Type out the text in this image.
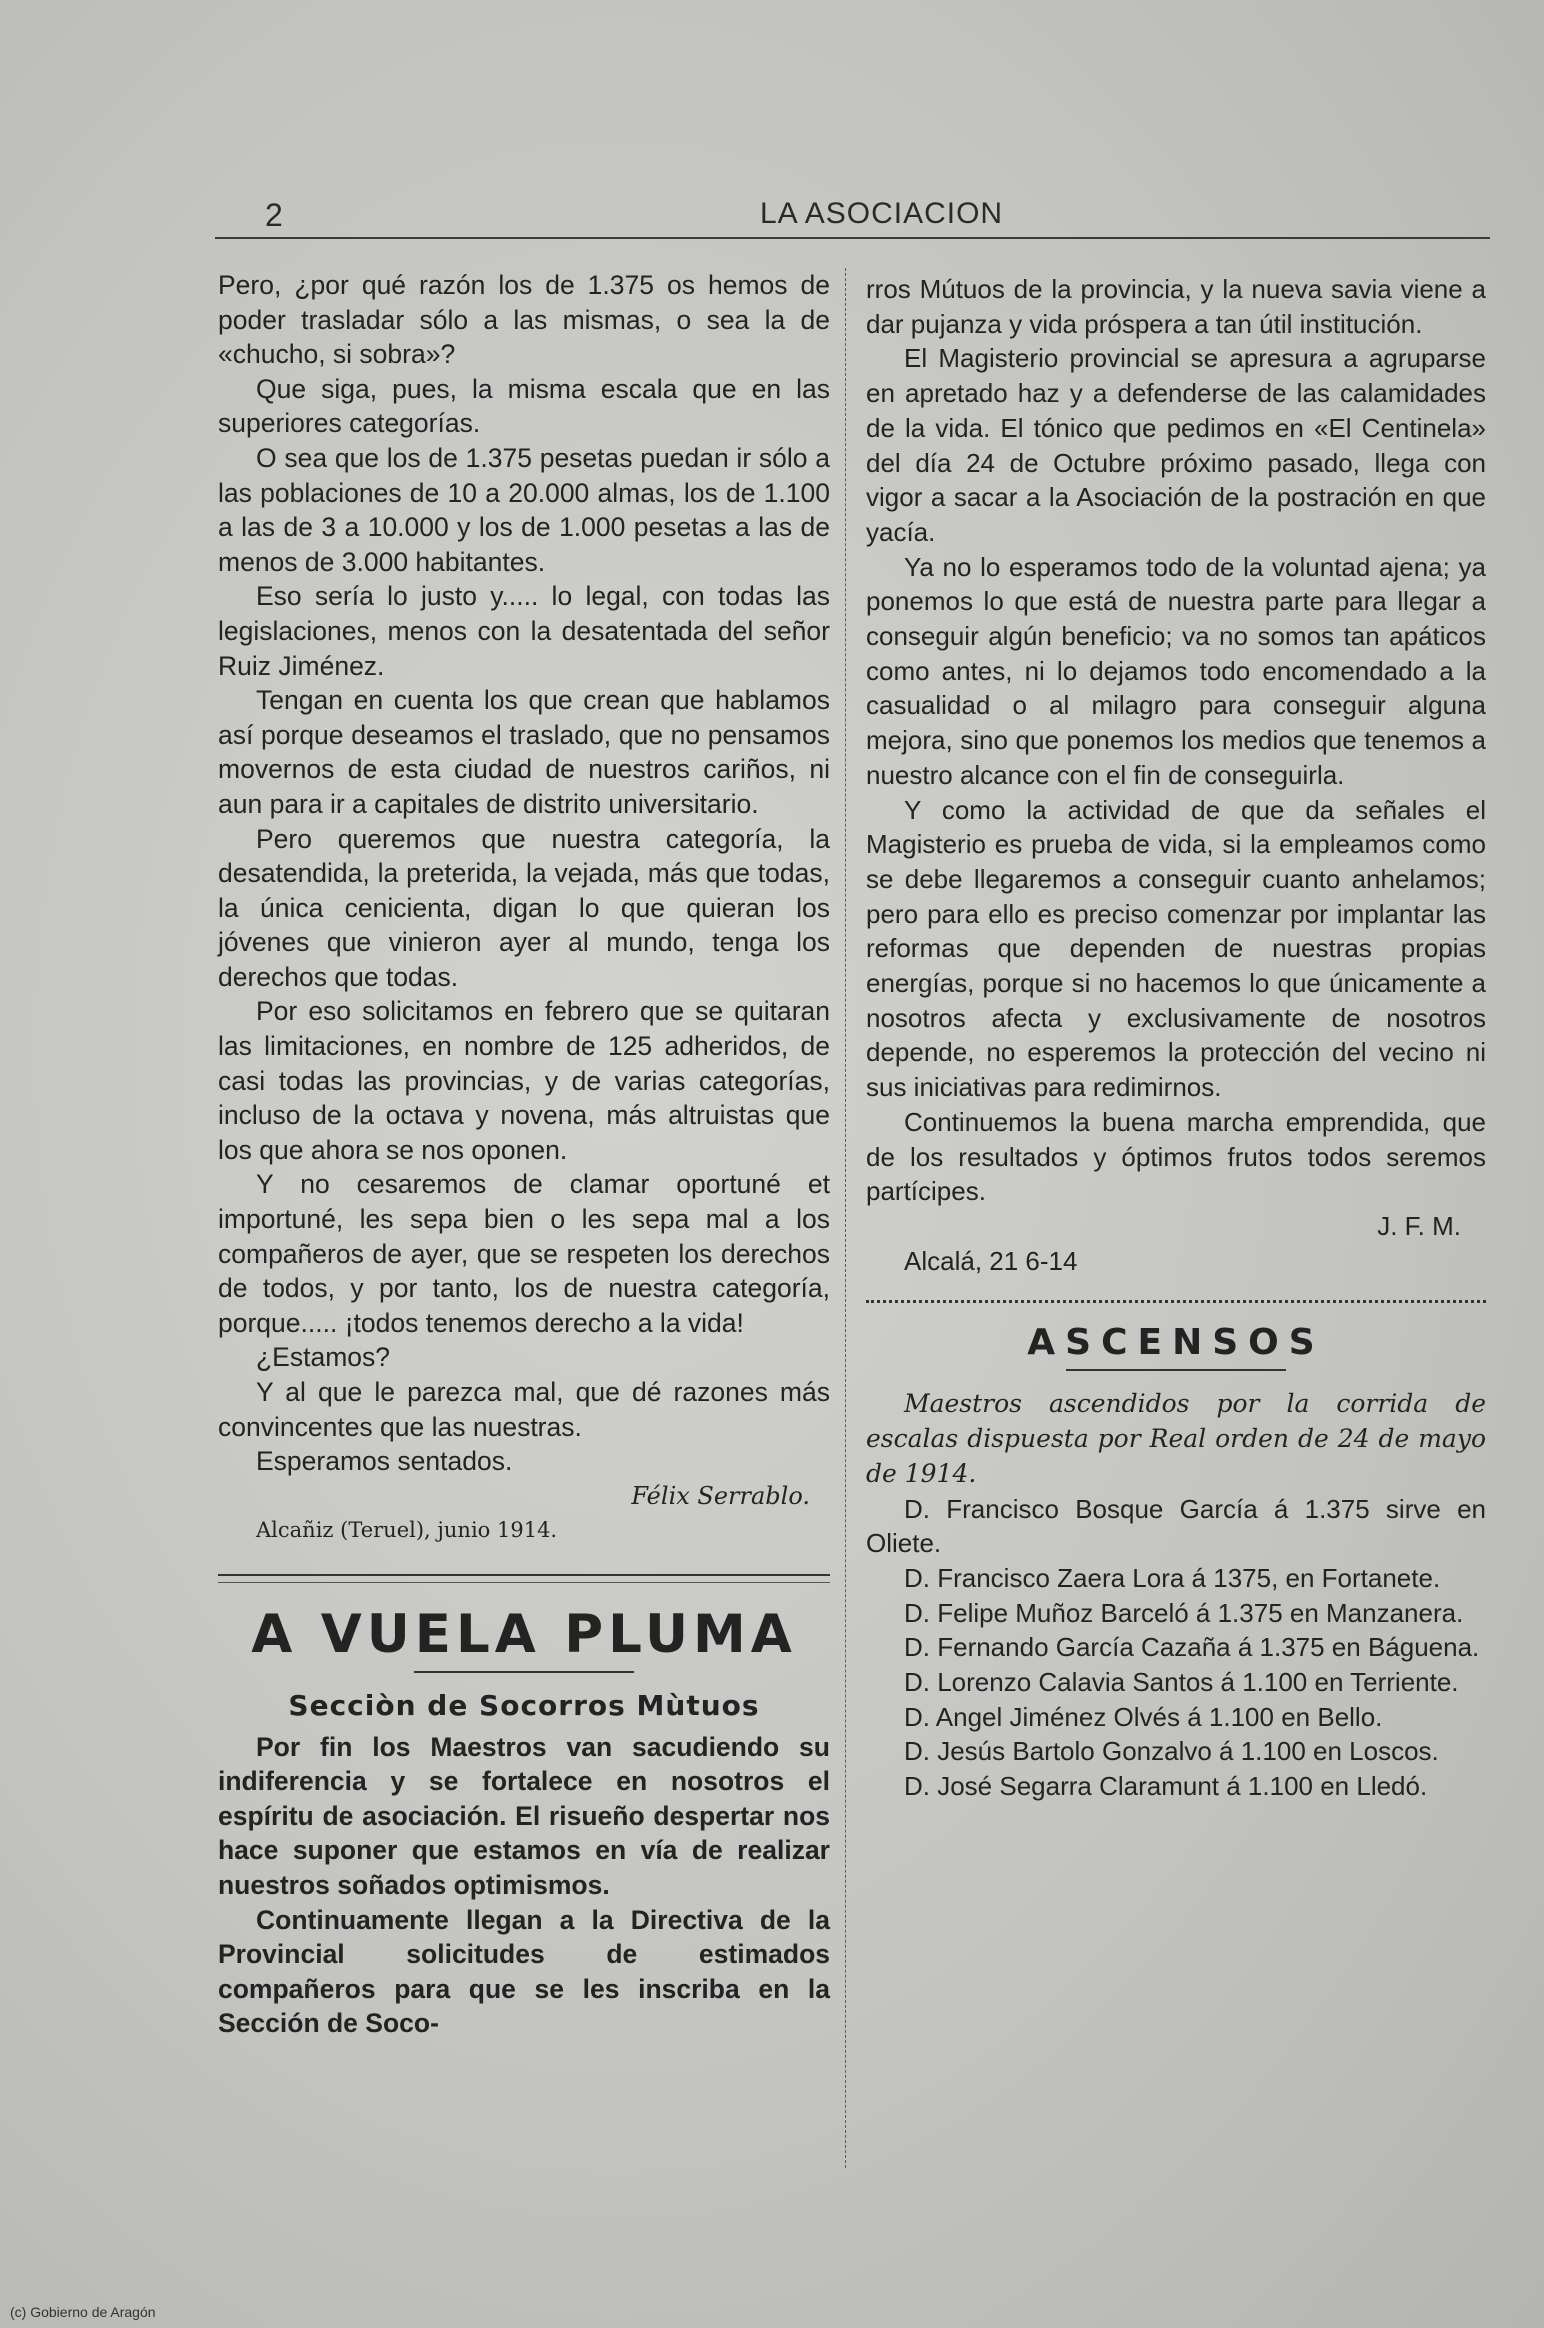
2	LA ASOCIACION

Pero, ¿por qué razón los de 1.375 os hemos de poder trasladar sólo a las mismas, o sea la de «chucho, si sobra»?

Que siga, pues, la misma escala que en las superiores categorías.

O sea que los de 1.375 pesetas puedan ir sólo a las poblaciones de 10 a 20.000 almas, los de 1.100 a las de 3 a 10.000 y los de 1.000 pesetas a las de menos de 3.000 habitantes.

Eso sería lo justo y..... lo legal, con todas las legislaciones, menos con la desatentada del señor Ruiz Jiménez.

Tengan en cuenta los que crean que hablamos así porque deseamos el traslado, que no pensamos movernos de esta ciudad de nuestros cariños, ni aun para ir a capitales de distrito universitario.

Pero queremos que nuestra categoría, la desatendida, la preterida, la vejada, más que todas, la única cenicienta, digan lo que quieran los jóvenes que vinieron ayer al mundo, tenga los derechos que todas.

Por eso solicitamos en febrero que se quitaran las limitaciones, en nombre de 125 adheridos, de casi todas las provincias, y de varias categorías, incluso de la octava y novena, más altruistas que los que ahora se nos oponen.

Y no cesaremos de clamar oportuné et importuné, les sepa bien o les sepa mal a los compañeros de ayer, que se respeten los derechos de todos, y por tanto, los de nuestra categoría, porque..... ¡todos tenemos derecho a la vida!

¿Estamos?

Y al que le parezca mal, que dé razones más convincentes que las nuestras.

Esperamos sentados.

Félix Serrablo.

Alcañiz (Teruel), junio 1914.

A VUELA PLUMA
Secciòn de Socorros Mùtuos

Por fin los Maestros van sacudiendo su indiferencia y se fortalece en nosotros el espíritu de asociación. El risueño despertar nos hace suponer que estamos en vía de realizar nuestros soñados optimismos.

Continuamente llegan a la Directiva de la Provincial solicitudes de estimados compañeros para que se les inscriba en la Sección de Soco-

rros Mútuos de la provincia, y la nueva savia viene a dar pujanza y vida próspera a tan útil institución.

El Magisterio provincial se apresura a agruparse en apretado haz y a defenderse de las calamidades de la vida. El tónico que pedimos en «El Centinela» del día 24 de Octubre próximo pasado, llega con vigor a sacar a la Asociación de la postración en que yacía.

Ya no lo esperamos todo de la voluntad ajena; ya ponemos lo que está de nuestra parte para llegar a conseguir algún beneficio; va no somos tan apáticos como antes, ni lo dejamos todo encomendado a la casualidad o al milagro para conseguir alguna mejora, sino que ponemos los medios que tenemos a nuestro alcance con el fin de conseguirla.

Y como la actividad de que da señales el Magisterio es prueba de vida, si la empleamos como se debe llegaremos a conseguir cuanto anhelamos; pero para ello es preciso comenzar por implantar las reformas que dependen de nuestras propias energías, porque si no hacemos lo que únicamente a nosotros afecta y exclusivamente de nosotros depende, no esperemos la protección del vecino ni sus iniciativas para redimirnos.

Continuemos la buena marcha emprendida, que de los resultados y óptimos frutos todos seremos partícipes.

J. F. M.

Alcalá, 21 6-14

ASCENSOS

Maestros ascendidos por la corrida de escalas dispuesta por Real orden de 24 de mayo de 1914.

D. Francisco Bosque García á 1.375 sirve en Oliete.

D. Francisco Zaera Lora á 1375, en Fortanete.

D. Felipe Muñoz Barceló á 1.375 en Manzanera.

D. Fernando García Cazaña á 1.375 en Báguena.

D. Lorenzo Calavia Santos á 1.100 en Terriente.

D. Angel Jiménez Olvés á 1.100 en Bello.

D. Jesús Bartolo Gonzalvo á 1.100 en Loscos.

D. José Segarra Claramunt á 1.100 en Lledó.

(c) Gobierno de Aragón
